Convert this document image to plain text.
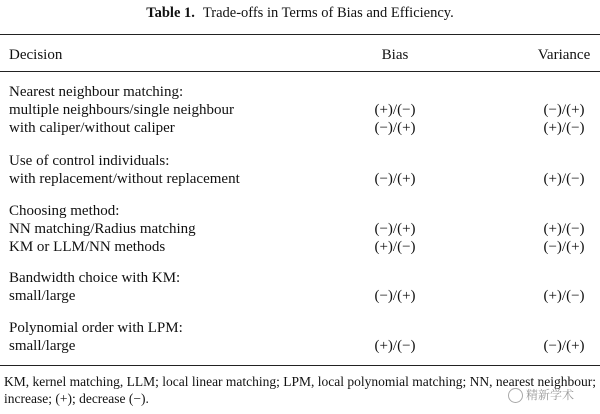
Table 1. Trade-offs in Terms of Bias and Efficiency.
Decision	Bias	Variance
Nearest neighbour matching:
multiple neighbours/single neighbour	(+)/(−)	(−)/(+)
with caliper/without caliper	(−)/(+)	(+)/(−)
Use of control individuals:
with replacement/without replacement	(−)/(+)	(+)/(−)
Choosing method:
NN matching/Radius matching	(−)/(+)	(+)/(−)
KM or LLM/NN methods	(+)/(−)	(−)/(+)
Bandwidth choice with KM:
small/large	(−)/(+)	(+)/(−)
Polynomial order with LPM:
small/large	(+)/(−)	(−)/(+)
KM, kernel matching, LLM; local linear matching; LPM, local polynomial matching; NN, nearest neighbour; increase; (+); decrease (−).	精新学术
